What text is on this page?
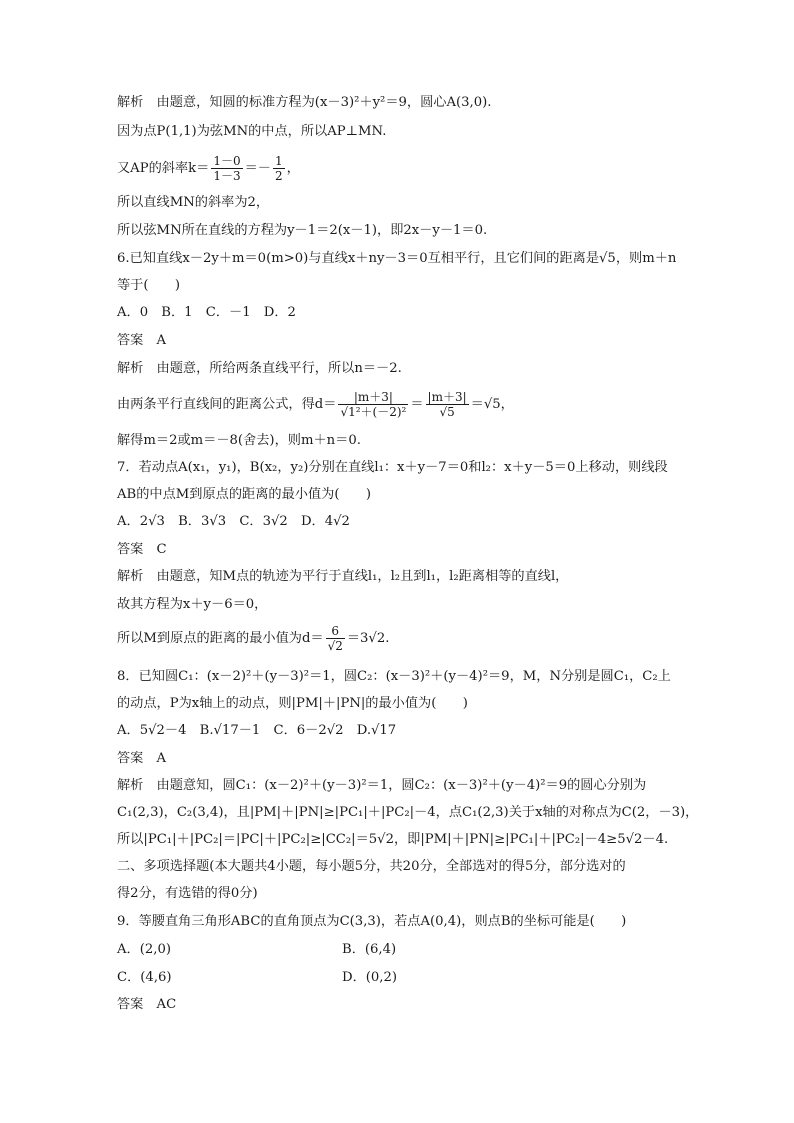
解析　由题意，知圆的标准方程为(x－3)²＋y²＝9，圆心A(3,0).
因为点P(1,1)为弦MN的中点，所以AP⊥MN.
又AP的斜率$k= \frac{1-0}{1-3} =- \frac{1}{2}$ ，
所以直线MN的斜率为2，
所以弦MN所在直线的方程为y－1＝2(x－1)，即2x－y－1＝0.
6.已知直线x－2y＋m＝0(m>0)与直线x＋ny－3＝0互相平行，且它们间的距离是√5，则m＋n
等于(　　)
A．0　B．1　C．－1　D．2
答案　A
解析　由题意，所给两条直线平行，所以n＝－2.
由两条平行直线间的距离公式，得$d= \frac{|m+3|}{\text{√1²＋(－2)²}} = \frac{|m+3|}{√5} =√5$，
解得m＝2或m＝－8(舍去)，则m＋n＝0.
7．若动点A(x₁，y₁)，B(x₂，y₂)分别在直线l₁：x＋y－7＝0和l₂：x＋y－5＝0上移动，则线段
AB的中点M到原点的距离的最小值为(　　)
A．2√3　B．3√3　C．3√2　D．4√2
答案　C
解析　由题意，知M点的轨迹为平行于直线l₁，l₂且到l₁，l₂距离相等的直线l，
故其方程为x＋y－6＝0，
所以M到原点的距离的最小值为$d= \frac{6}{√2} =3√2$.
8．已知圆C₁：(x－2)²＋(y－3)²＝1，圆C₂：(x－3)²＋(y－4)²＝9，M，N分别是圆C₁，C₂上
的动点，P为x轴上的动点，则|PM|＋|PN|的最小值为(　　)
A．5√2－4　B.√17－1　C．6－2√2　D.√17
答案　A
解析　由题意知，圆C₁：(x－2)²＋(y－3)²＝1，圆C₂：(x－3)²＋(y－4)²＝9的圆心分别为
C₁(2,3)，C₂(3,4)，且|PM|＋|PN|≥|PC₁|＋|PC₂|－4，点C₁(2,3)关于x轴的对称点为C(2，－3)，
所以|PC₁|＋|PC₂|＝|PC|＋|PC₂|≥|CC₂|＝5√2，即|PM|＋|PN|≥|PC₁|＋|PC₂|－4≥5√2－4.
二、多项选择题(本大题共4小题，每小题5分，共20分，全部选对的得5分，部分选对的
得2分，有选错的得0分)
9．等腰直角三角形ABC的直角顶点为C(3,3)，若点A(0,4)，则点B的坐标可能是(　　)
A．(2,0)	B．(6,4)
C．(4,6)	D．(0,2)
答案　AC
